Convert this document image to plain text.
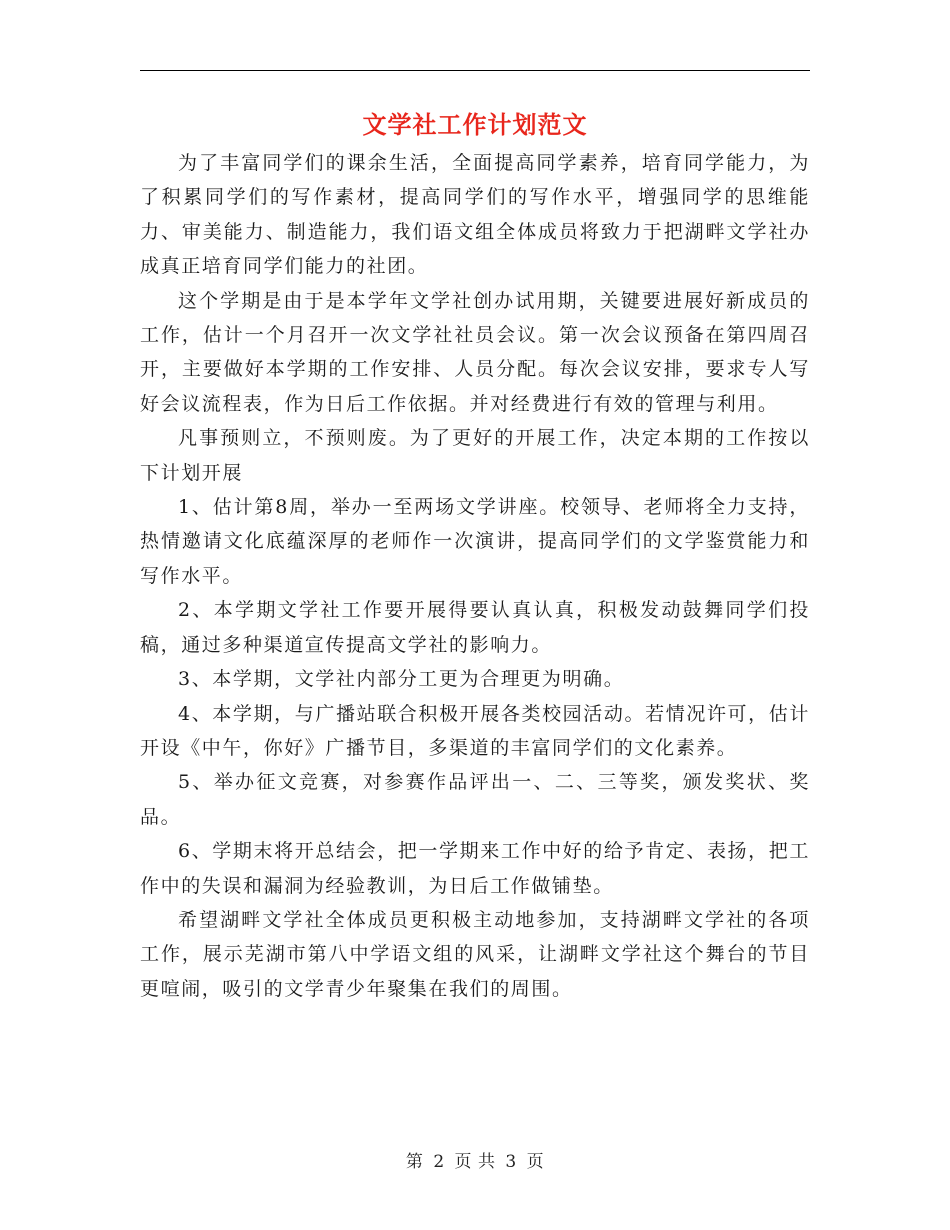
文学社工作计划范文

为了丰富同学们的课余生活，全面提高同学素养，培育同学能力，为了积累同学们的写作素材，提高同学们的写作水平，增强同学的思维能力、审美能力、制造能力，我们语文组全体成员将致力于把湖畔文学社办成真正培育同学们能力的社团。

这个学期是由于是本学年文学社创办试用期，关键要进展好新成员的工作，估计一个月召开一次文学社社员会议。第一次会议预备在第四周召开，主要做好本学期的工作安排、人员分配。每次会议安排，要求专人写好会议流程表，作为日后工作依据。并对经费进行有效的管理与利用。

凡事预则立，不预则废。为了更好的开展工作，决定本期的工作按以下计划开展

1、估计第8周，举办一至两场文学讲座。校领导、老师将全力支持，热情邀请文化底蕴深厚的老师作一次演讲，提高同学们的文学鉴赏能力和写作水平。

2、本学期文学社工作要开展得要认真认真，积极发动鼓舞同学们投稿，通过多种渠道宣传提高文学社的影响力。

3、本学期，文学社内部分工更为合理更为明确。

4、本学期，与广播站联合积极开展各类校园活动。若情况许可，估计开设《中午，你好》广播节目，多渠道的丰富同学们的文化素养。

5、举办征文竞赛，对参赛作品评出一、二、三等奖，颁发奖状、奖品。

6、学期末将开总结会，把一学期来工作中好的给予肯定、表扬，把工作中的失误和漏洞为经验教训，为日后工作做铺垫。

希望湖畔文学社全体成员更积极主动地参加，支持湖畔文学社的各项工作，展示芜湖市第八中学语文组的风采，让湖畔文学社这个舞台的节目更喧闹，吸引的文学青少年聚集在我们的周围。

第 2 页 共 3 页
